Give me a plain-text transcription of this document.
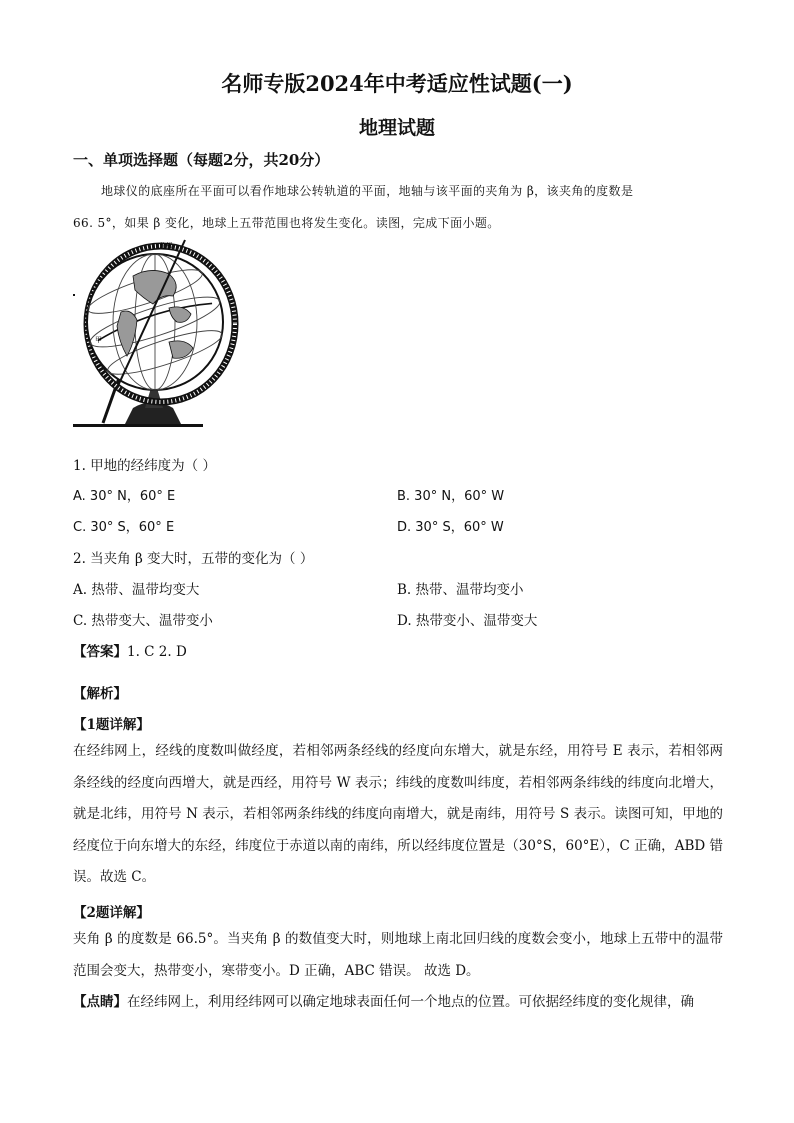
名师专版2024年中考适应性试题(一)
地理试题
一、单项选择题（每题2分，共20分）
地球仪的底座所在平面可以看作地球公转轨道的平面，地轴与该平面的夹角为 β，该夹角的度数是
66. 5°，如果 β 变化，地球上五带范围也将发生变化。读图，完成下面小题。
北极
甲
1. 甲地的经纬度为（ ）
A. 30° N，60° E	B. 30° N，60° W
C. 30° S，60° E	D. 30° S，60° W
2. 当夹角 β 变大时，五带的变化为（ ）
A. 热带、温带均变大	B. 热带、温带均变小
C. 热带变大、温带变小	D. 热带变小、温带变大
【答案】1. C 2. D
【解析】
【1题详解】
在经纬网上，经线的度数叫做经度，若相邻两条经线的经度向东增大，就是东经，用符号 E 表示，若相邻两条经线的经度向西增大，就是西经，用符号 W 表示；纬线的度数叫纬度，若相邻两条纬线的纬度向北增大，就是北纬，用符号 N 表示，若相邻两条纬线的纬度向南增大，就是南纬，用符号 S 表示。读图可知，甲地的经度位于向东增大的东经，纬度位于赤道以南的南纬，所以经纬度位置是（30°S，60°E），C 正确，ABD 错误。故选 C。
【2题详解】
夹角 β 的度数是 66.5°。当夹角 β 的数值变大时，则地球上南北回归线的度数会变小，地球上五带中的温带范围会变大，热带变小，寒带变小。D 正确，ABC 错误。 故选 D。
【点睛】在经纬网上，利用经纬网可以确定地球表面任何一个地点的位置。可依据经纬度的变化规律，确
